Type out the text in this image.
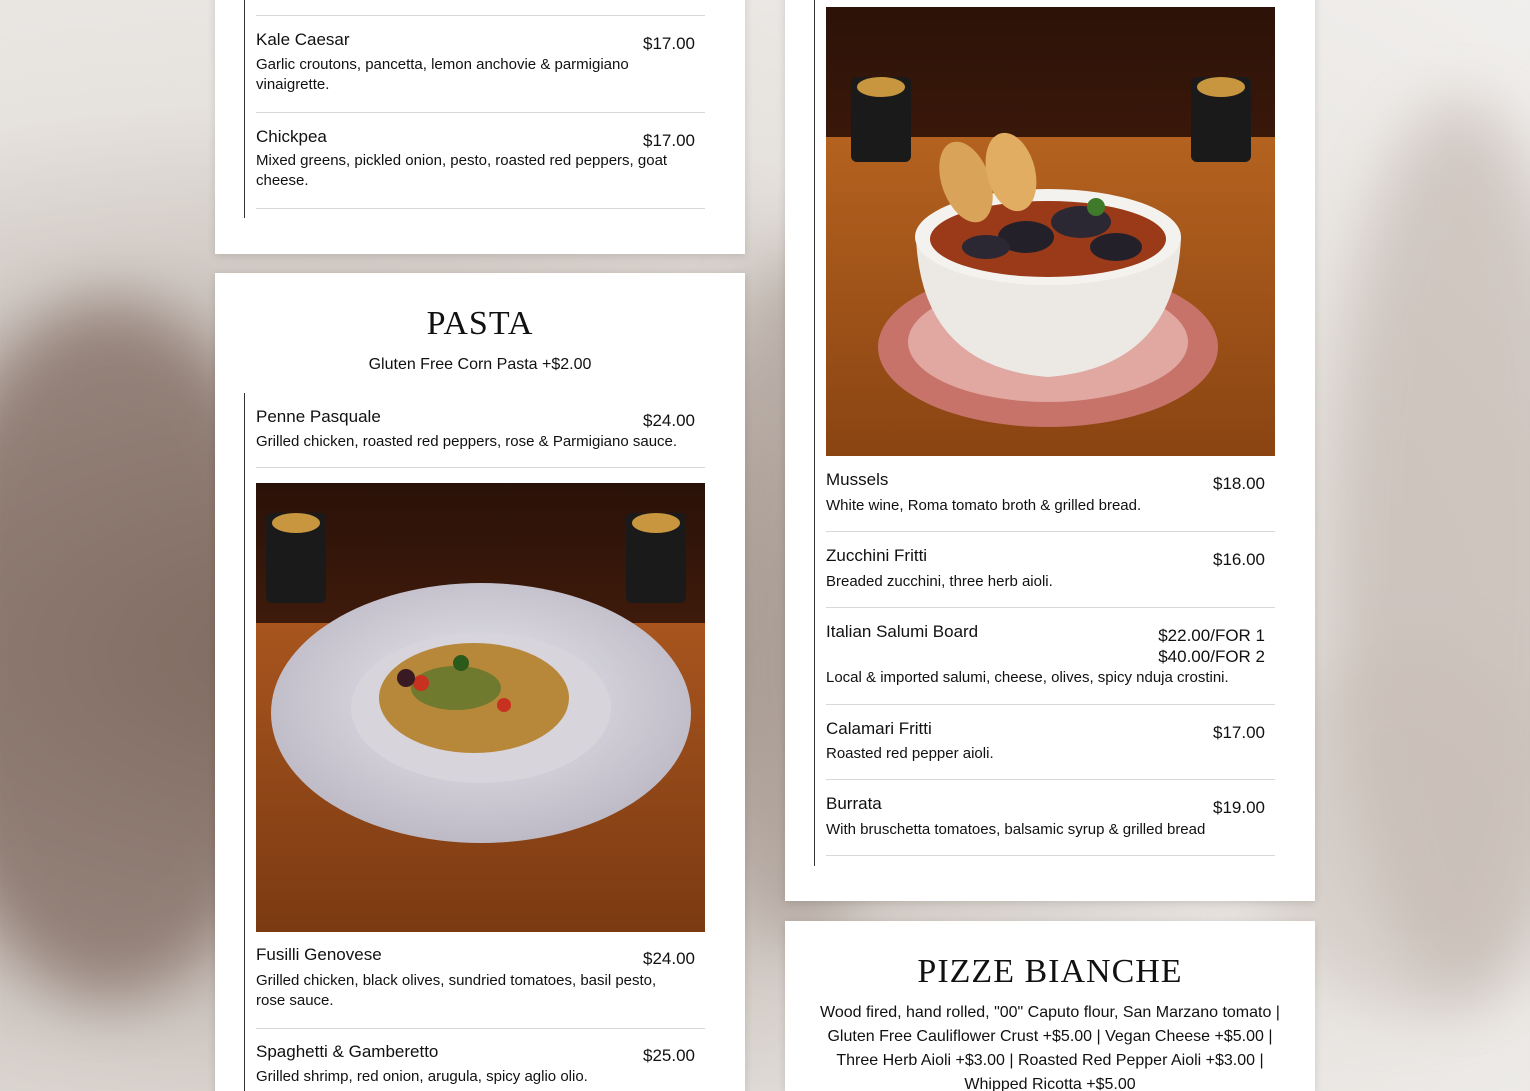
Kale Caesar	$17.00
Garlic croutons, pancetta, lemon anchovie & parmigiano vinaigrette.
Chickpea	$17.00
Mixed greens, pickled onion, pesto, roasted red peppers, goat cheese.
PASTA
Gluten Free Corn Pasta +$2.00
Penne Pasquale	$24.00
Grilled chicken, roasted red peppers, rose & Parmigiano sauce.
Fusilli Genovese	$24.00
Grilled chicken, black olives, sundried tomatoes, basil pesto, rose sauce.
Spaghetti & Gamberetto	$25.00
Grilled shrimp, red onion, arugula, spicy aglio olio.
Mussels	$18.00
White wine, Roma tomato broth & grilled bread.
Zucchini Fritti	$16.00
Breaded zucchini, three herb aioli.
Italian Salumi Board	$22.00/FOR 1
$40.00/FOR 2
Local & imported salumi, cheese, olives, spicy nduja crostini.
Calamari Fritti	$17.00
Roasted red pepper aioli.
Burrata	$19.00
With bruschetta tomatoes, balsamic syrup & grilled bread
PIZZE BIANCHE
Wood fired, hand rolled, "00" Caputo flour, San Marzano tomato | Gluten Free Cauliflower Crust +$5.00 | Vegan Cheese +$5.00 | Three Herb Aioli +$3.00 | Roasted Red Pepper Aioli +$3.00 | Whipped Ricotta +$5.00
